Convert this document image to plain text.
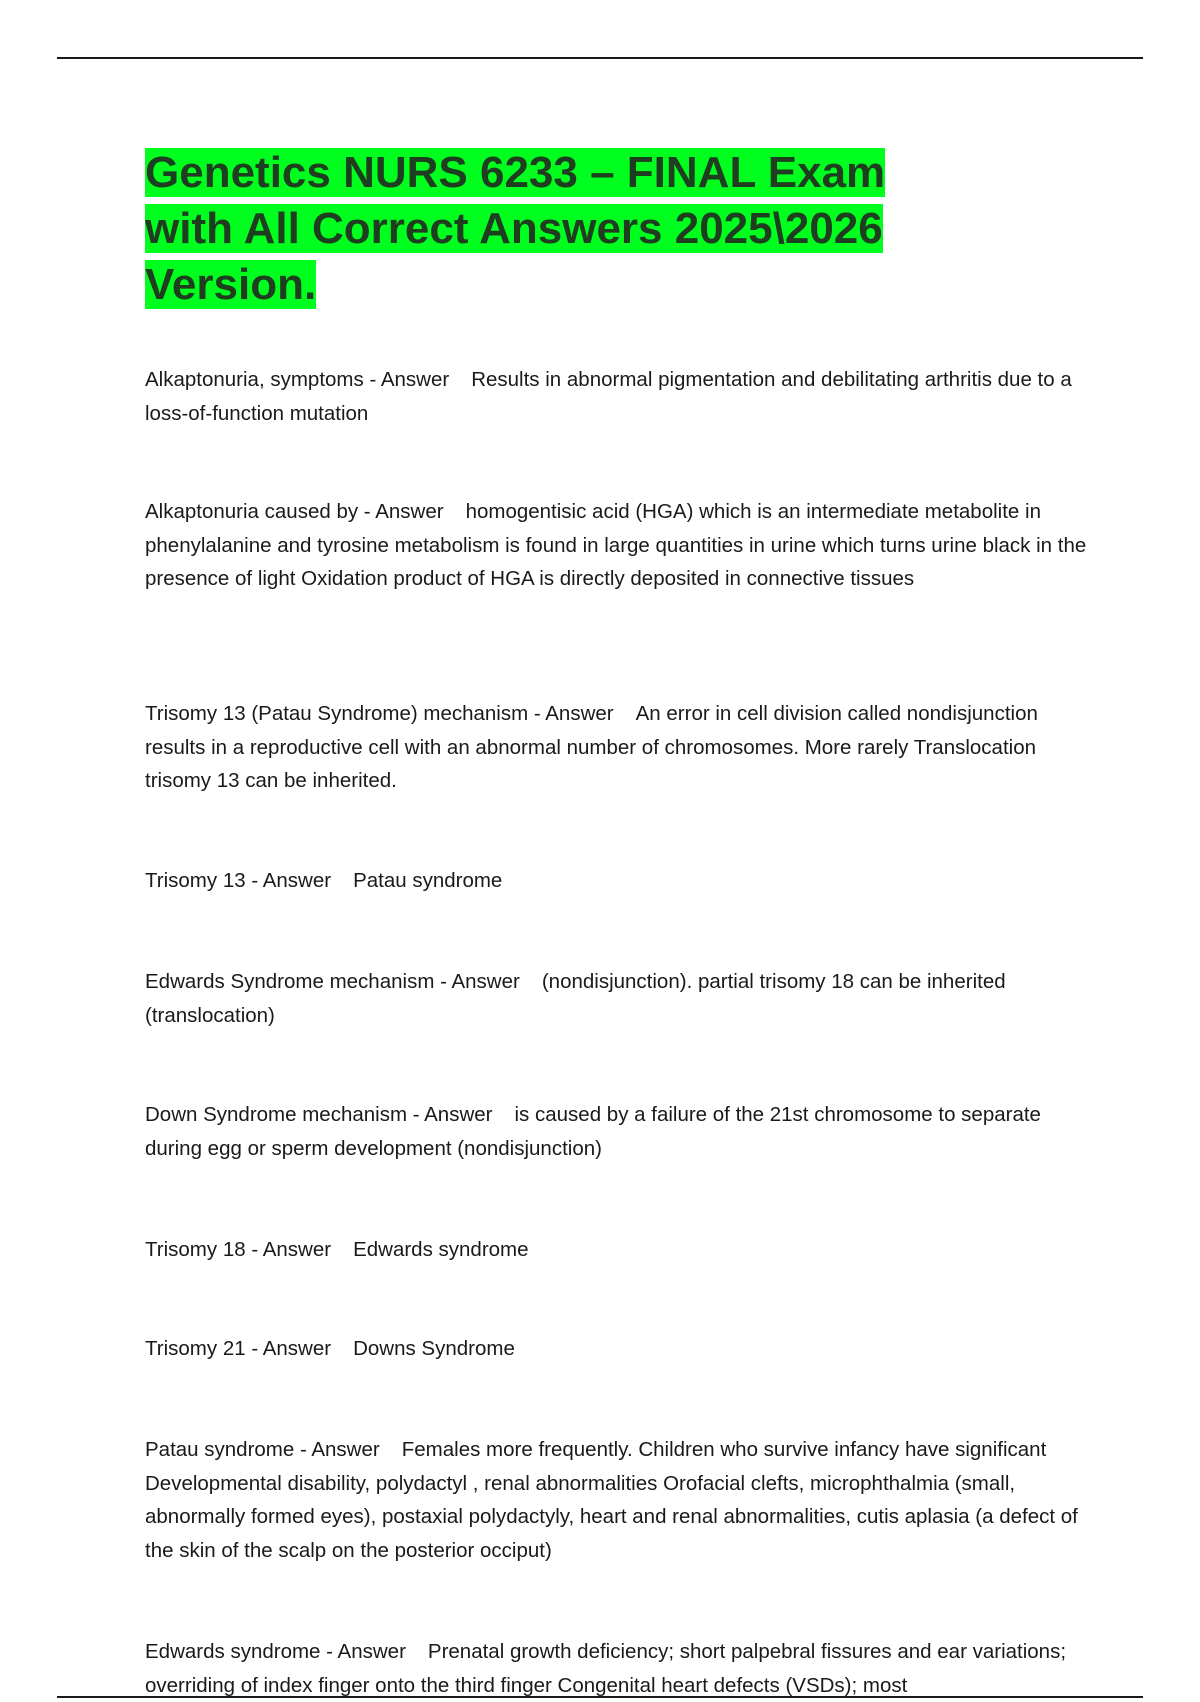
Genetics NURS 6233 – FINAL Exam with All Correct Answers 2025\2026 Version.

Alkaptonuria, symptoms - Answer Results in abnormal pigmentation and debilitating arthritis due to a loss-of-function mutation

Alkaptonuria caused by - Answer homogentisic acid (HGA) which is an intermediate metabolite in phenylalanine and tyrosine metabolism is found in large quantities in urine which turns urine black in the presence of light Oxidation product of HGA is directly deposited in connective tissues

Trisomy 13 (Patau Syndrome) mechanism - Answer An error in cell division called nondisjunction results in a reproductive cell with an abnormal number of chromosomes. More rarely Translocation trisomy 13 can be inherited.

Trisomy 13 - Answer Patau syndrome

Edwards Syndrome mechanism - Answer (nondisjunction). partial trisomy 18 can be inherited (translocation)

Down Syndrome mechanism - Answer is caused by a failure of the 21st chromosome to separate during egg or sperm development (nondisjunction)

Trisomy 18 - Answer Edwards syndrome

Trisomy 21 - Answer Downs Syndrome

Patau syndrome - Answer Females more frequently. Children who survive infancy have significant Developmental disability, polydactyl , renal abnormalities Orofacial clefts, microphthalmia (small, abnormally formed eyes), postaxial polydactyly, heart and renal abnormalities, cutis aplasia (a defect of the skin of the scalp on the posterior occiput)

Edwards syndrome - Answer Prenatal growth deficiency; short palpebral fissures and ear variations; overriding of index finger onto the third finger Congenital heart defects (VSDs); most
